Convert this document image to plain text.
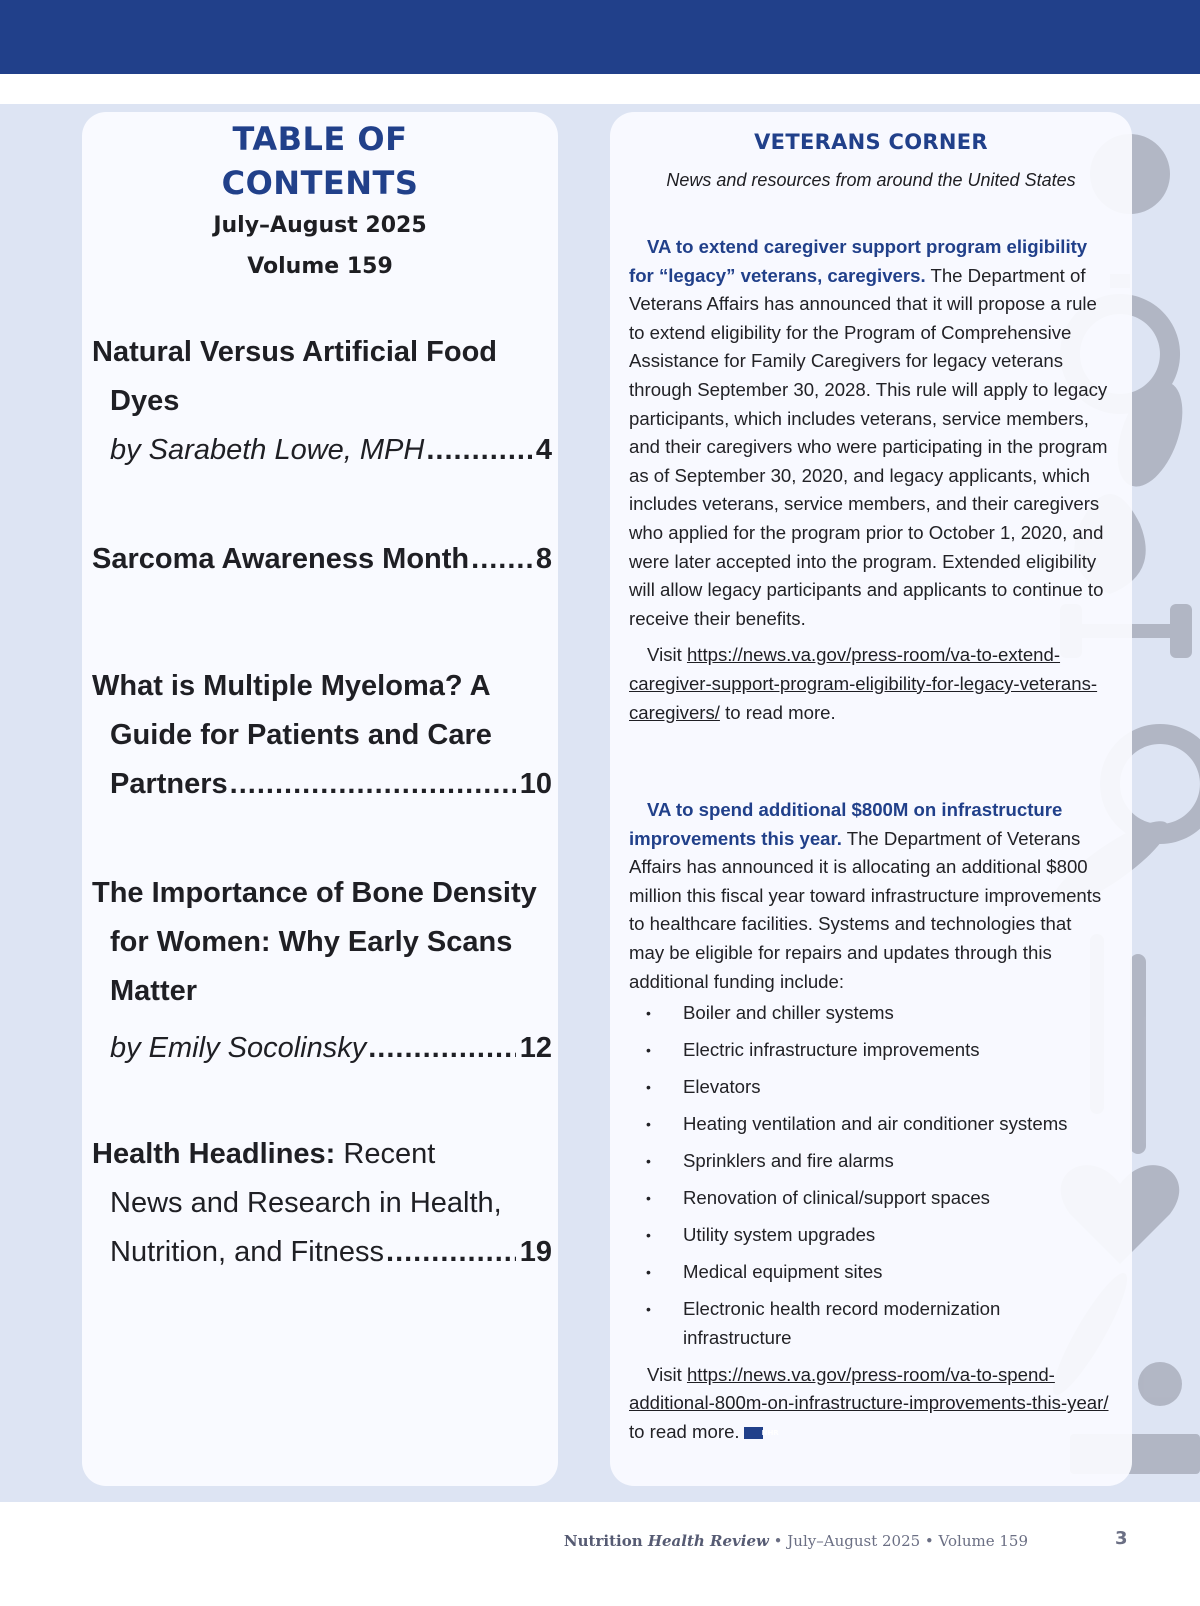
TABLE OF
CONTENTS
July–August 2025
Volume 159
Natural Versus Artificial Food
Dyes
by Sarabeth Lowe, MPH .....	4
Sarcoma Awareness Month ..... 8
What is Multiple Myeloma? A
Guide for Patients and Care
Partners .....	10
The Importance of Bone Density
for Women: Why Early Scans
Matter
by Emily Socolinsky .....	12
Health Headlines: Recent
News and Research in Health,
Nutrition, and Fitness .....	19
VETERANS CORNER
News and resources from around the United States

VA to extend caregiver support program eligibility for “legacy” veterans, caregivers. The Department of Veterans Affairs has announced that it will propose a rule to extend eligibility for the Program of Comprehensive Assistance for Family Caregivers for legacy veterans through September 30, 2028. This rule will apply to legacy participants, which includes veterans, service members, and their caregivers who were participating in the program as of September 30, 2020, and legacy applicants, which includes veterans, service members, and their caregivers who applied for the program prior to October 1, 2020, and were later accepted into the program. Extended eligibility will allow legacy participants and applicants to continue to receive their benefits.

Visit https://news.va.gov/press-room/va-to-extend-caregiver-support-program-eligibility-for-legacy-veterans-caregivers/ to read more.

VA to spend additional $800M on infrastructure improvements this year. The Department of Veterans Affairs has announced it is allocating an additional $800 million this fiscal year toward infrastructure improvements to healthcare facilities. Systems and technologies that may be eligible for repairs and updates through this additional funding include:

• Boiler and chiller systems
• Electric infrastructure improvements
• Elevators
• Heating ventilation and air conditioner systems
• Sprinklers and fire alarms
• Renovation of clinical/support spaces
• Utility system upgrades
• Medical equipment sites
• Electronic health record modernization infrastructure

Visit https://news.va.gov/press-room/va-to-spend-additional-800m-on-infrastructure-improvements-this-year/ to read more.	NHR

Nutrition Health Review • July–August 2025 • Volume 159	3
